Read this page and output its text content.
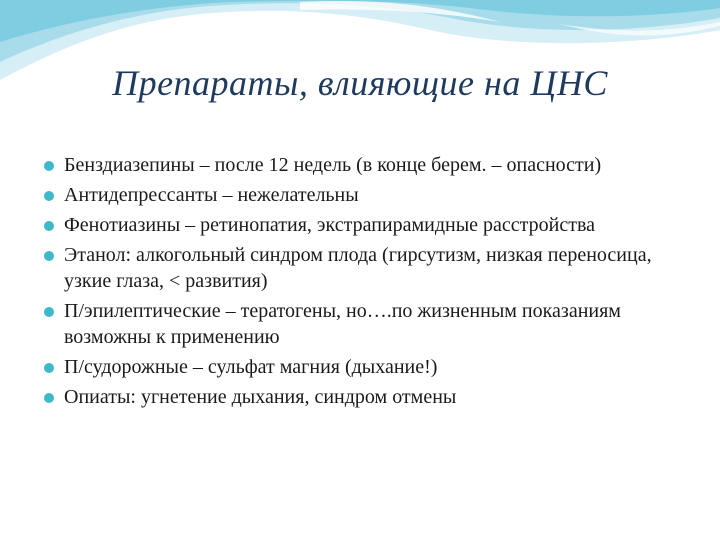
Препараты, влияющие на ЦНС
Бенздиазепины – после 12 недель (в конце берем. – опасности)
Антидепрессанты – нежелательны
Фенотиазины – ретинопатия, экстрапирамидные расстройства
Этанол: алкогольный синдром плода (гирсутизм, низкая переносица, узкие глаза, < развития)
П/эпилептические – тератогены, но….по жизненным показаниям возможны к применению
П/судорожные – сульфат магния (дыхание!)
Опиаты: угнетение дыхания, синдром отмены
